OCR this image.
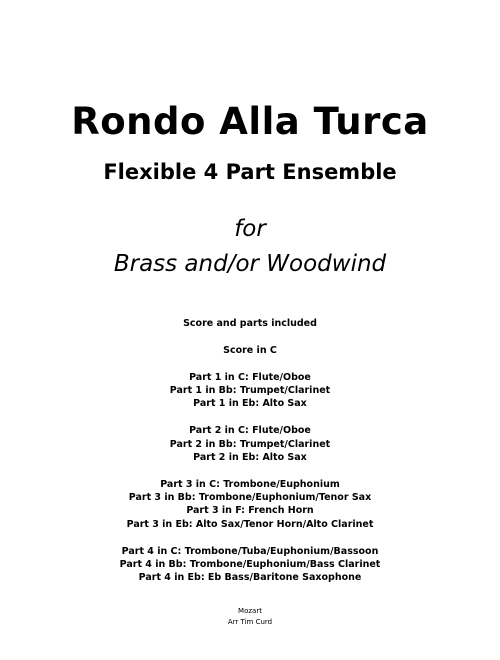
Rondo Alla Turca
Flexible 4 Part Ensemble
for
Brass and/or Woodwind
Score and parts included
Score in C
Part 1 in C: Flute/Oboe
Part 1 in Bb: Trumpet/Clarinet
Part 1 in Eb: Alto Sax
Part 2 in C: Flute/Oboe
Part 2 in Bb: Trumpet/Clarinet
Part 2 in Eb: Alto Sax
Part 3 in C: Trombone/Euphonium
Part 3 in Bb: Trombone/Euphonium/Tenor Sax
Part 3 in F: French Horn
Part 3 in Eb: Alto Sax/Tenor Horn/Alto Clarinet
Part 4 in C: Trombone/Tuba/Euphonium/Bassoon
Part 4 in Bb: Trombone/Euphonium/Bass Clarinet
Part 4 in Eb: Eb Bass/Baritone Saxophone
Mozart
Arr Tim Curd
